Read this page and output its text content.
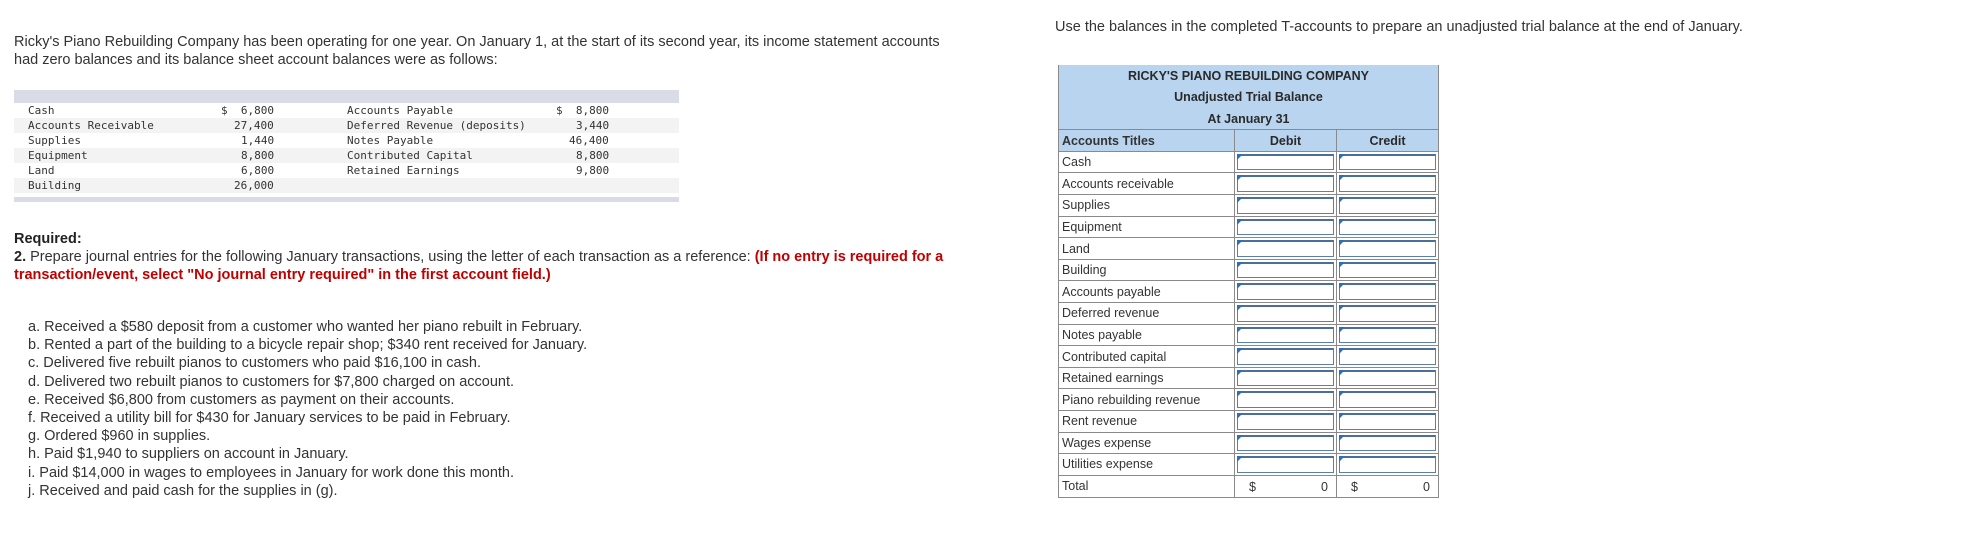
Ricky's Piano Rebuilding Company has been operating for one year. On January 1, at the start of its second year, its income statement accounts had zero balances and its balance sheet account balances were as follows:
Cash	$  6,800	Accounts Payable	$  8,800
Accounts Receivable	27,400	Deferred Revenue (deposits)	3,440
Supplies	1,440	Notes Payable	46,400
Equipment	8,800	Contributed Capital	8,800
Land	6,800	Retained Earnings	9,800
Building	26,000
Required:
2. Prepare journal entries for the following January transactions, using the letter of each transaction as a reference: (If no entry is required for a transaction/event, select "No journal entry required" in the first account field.)
a. Received a $580 deposit from a customer who wanted her piano rebuilt in February.
b. Rented a part of the building to a bicycle repair shop; $340 rent received for January.
c. Delivered five rebuilt pianos to customers who paid $16,100 in cash.
d. Delivered two rebuilt pianos to customers for $7,800 charged on account.
e. Received $6,800 from customers as payment on their accounts.
f. Received a utility bill for $430 for January services to be paid in February.
g. Ordered $960 in supplies.
h. Paid $1,940 to suppliers on account in January.
i. Paid $14,000 in wages to employees in January for work done this month.
j. Received and paid cash for the supplies in (g).
Use the balances in the completed T-accounts to prepare an unadjusted trial balance at the end of January.
RICKY'S PIANO REBUILDING COMPANY		
Unadjusted Trial Balance		
At January 31		
Accounts Titles	Debit	Credit
Cash	

Accounts receivable	

Supplies	

Equipment	

Land	

Building	

Accounts payable	

Deferred revenue	

Notes payable	

Contributed capital	

Retained earnings	

Piano rebuilding revenue	

Rent revenue	

Wages expense	

Utilities expense	

Total	$ 0	$ 0
